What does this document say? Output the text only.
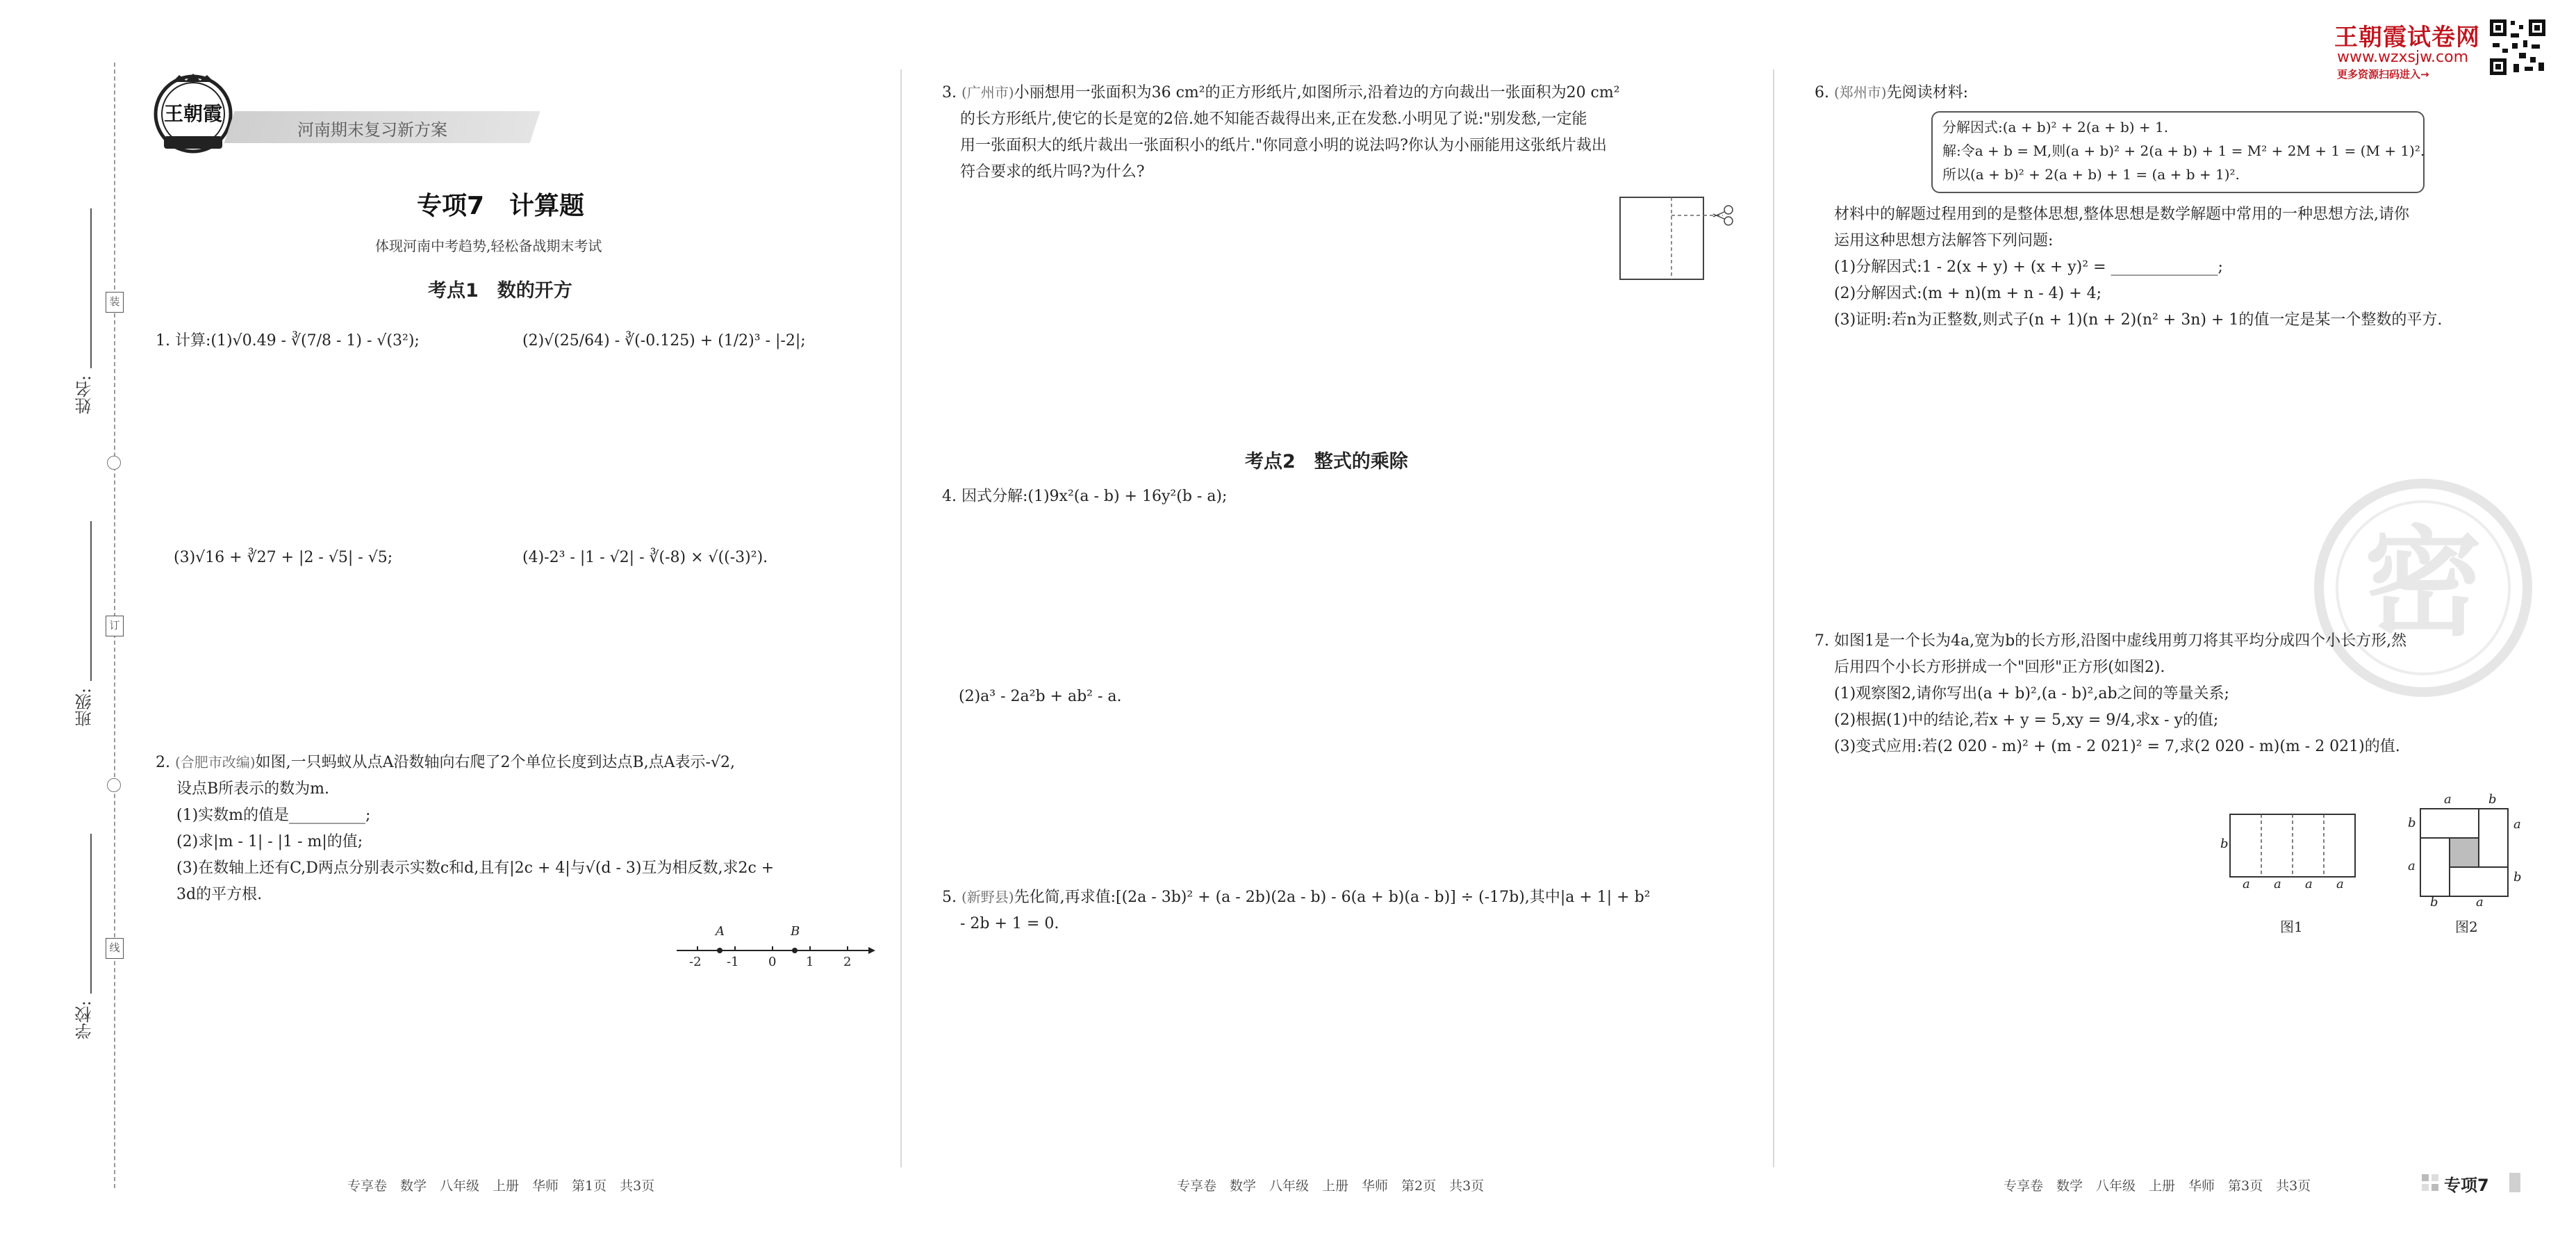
姓名:
班级:
学校:
装
订
线
王朝霞
河南期末复习新方案
专项7　计算题
体现河南中考趋势,轻松备战期末考试
考点1　数的开方
1. 计算:(1)√0.49 - ∛(7/8 - 1) - √(3²);	(2)√(25/64) - ∛(-0.125) + (1/2)³ - |-2|;
(3)√16 + ∛27 + |2 - √5| - √5;	(4)-2³ - |1 - √2| - ∛(-8) × √((-3)²).
2. (合肥市改编)如图,一只蚂蚁从点A沿数轴向右爬了2个单位长度到达点B,点A表示-√2,
设点B所表示的数为m.
(1)实数m的值是__________;
(2)求|m - 1| - |1 - m|的值;
(3)在数轴上还有C,D两点分别表示实数c和d,且有|2c + 4|与√(d - 3)互为相反数,求2c +
3d的平方根.
A	B
-2 -1 0 1 2
专享卷　数学　八年级　上册　华师　第1页　共3页
3. (广州市)小丽想用一张面积为36 cm²的正方形纸片,如图所示,沿着边的方向裁出一张面积为20 cm²
的长方形纸片,使它的长是宽的2倍.她不知能否裁得出来,正在发愁.小明见了说:"别发愁,一定能
用一张面积大的纸片裁出一张面积小的纸片."你同意小明的说法吗?你认为小丽能用这张纸片裁出
符合要求的纸片吗?为什么?
考点2　整式的乘除
4. 因式分解:(1)9x²(a - b) + 16y²(b - a);
(2)a³ - 2a²b + ab² - a.
5. (新野县)先化简,再求值:[(2a - 3b)² + (a - 2b)(2a - b) - 6(a + b)(a - b)] ÷ (-17b),其中|a + 1| + b²
- 2b + 1 = 0.
专享卷　数学　八年级　上册　华师　第2页　共3页
王朝霞试卷网
www.wzxsjw.com
更多资源扫码进入→
密
6. (郑州市)先阅读材料:
分解因式:(a + b)² + 2(a + b) + 1.
解:令a + b = M,则(a + b)² + 2(a + b) + 1 = M² + 2M + 1 = (M + 1)².
所以(a + b)² + 2(a + b) + 1 = (a + b + 1)².
材料中的解题过程用到的是整体思想,整体思想是数学解题中常用的一种思想方法,请你
运用这种思想方法解答下列问题:
(1)分解因式:1 - 2(x + y) + (x + y)² = ______________;
(2)分解因式:(m + n)(m + n - 4) + 4;
(3)证明:若n为正整数,则式子(n + 1)(n + 2)(n² + 3n) + 1的值一定是某一个整数的平方.
7. 如图1是一个长为4a,宽为b的长方形,沿图中虚线用剪刀将其平均分成四个小长方形,然
后用四个小长方形拼成一个"回形"正方形(如图2).
(1)观察图2,请你写出(a + b)²,(a - b)²,ab之间的等量关系;
(2)根据(1)中的结论,若x + y = 5,xy = 9/4,求x - y的值;
(3)变式应用:若(2 020 - m)² + (m - 2 021)² = 7,求(2 020 - m)(m - 2 021)的值.
b
a a a a
图1
a	b
b
a
a
b
b	a
图2
专享卷　数学　八年级　上册　华师　第3页　共3页	专项7
